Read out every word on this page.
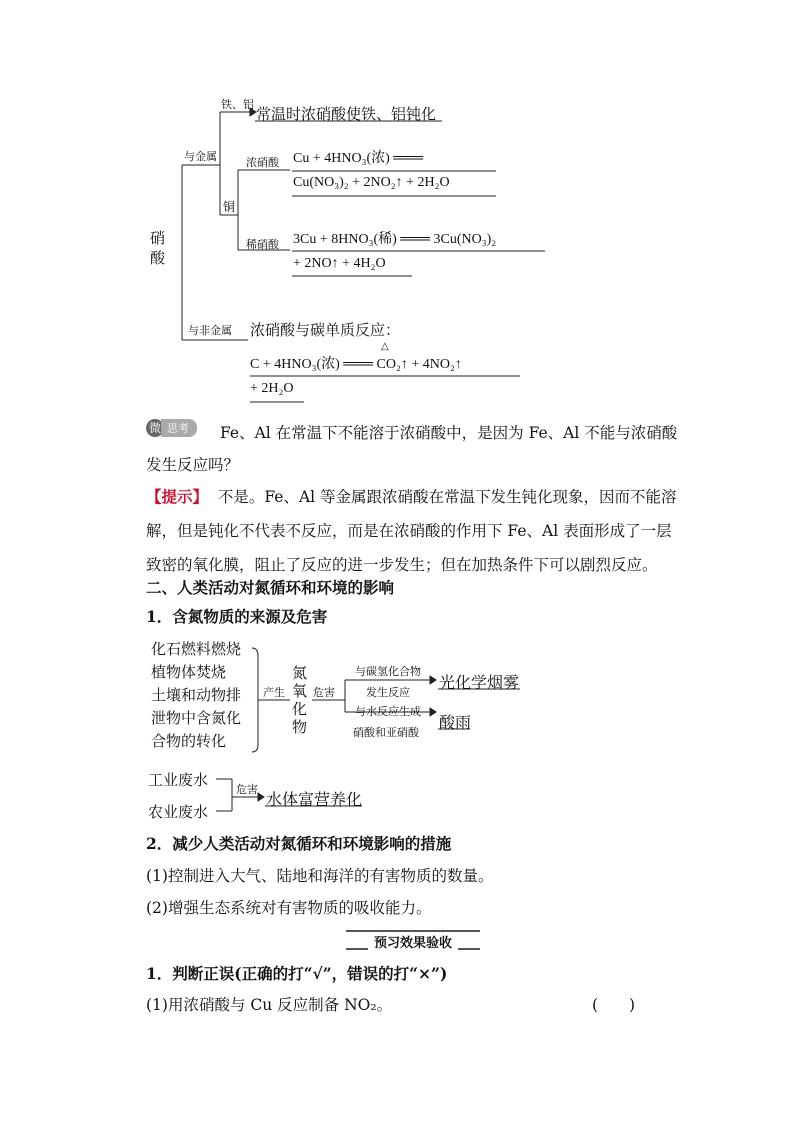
硝
酸
与金属
铁、铝
常温时浓硝酸使铁、铝钝化
铜
浓硝酸 Cu + 4HNO₃(浓) ═══
Cu(NO₃)₂ + 2NO₂↑ + 2H₂O
稀硝酸 3Cu + 8HNO₃(稀) ═══ 3Cu(NO₃)₂
+ 2NO↑ + 4H₂O
与非金属 浓硝酸与碳单质反应：
△
C + 4HNO₃(浓) ═══ CO₂↑ + 4NO₂↑
+ 2H₂O
微 思考	Fe、Al 在常温下不能溶于浓硝酸中，是因为 Fe、Al 不能与浓硝酸发生反应吗？
【提示】 不是。Fe、Al 等金属跟浓硝酸在常温下发生钝化现象，因而不能溶解，但是钝化不代表不反应，而是在浓硝酸的作用下 Fe、Al 表面形成了一层致密的氧化膜，阻止了反应的进一步发生；但在加热条件下可以剧烈反应。
二、人类活动对氮循环和环境的影响
1．含氮物质的来源及危害
化石燃料燃烧
植物体焚烧
土壤和动物排
泄物中含氮化
合物的转化
产生
氮
氧
化
物
危害
与碳氢化合物
发生反应
光化学烟雾
与水反应生成
硝酸和亚硝酸
酸雨
工业废水
农业废水
危害
水体富营养化
2．减少人类活动对氮循环和环境影响的措施
(1)控制进入大气、陆地和海洋的有害物质的数量。
(2)增强生态系统对有害物质的吸收能力。
预习效果验收
1．判断正误(正确的打“√”，错误的打“×”)
(1)用浓硝酸与 Cu 反应制备 NO₂。	(　　)
